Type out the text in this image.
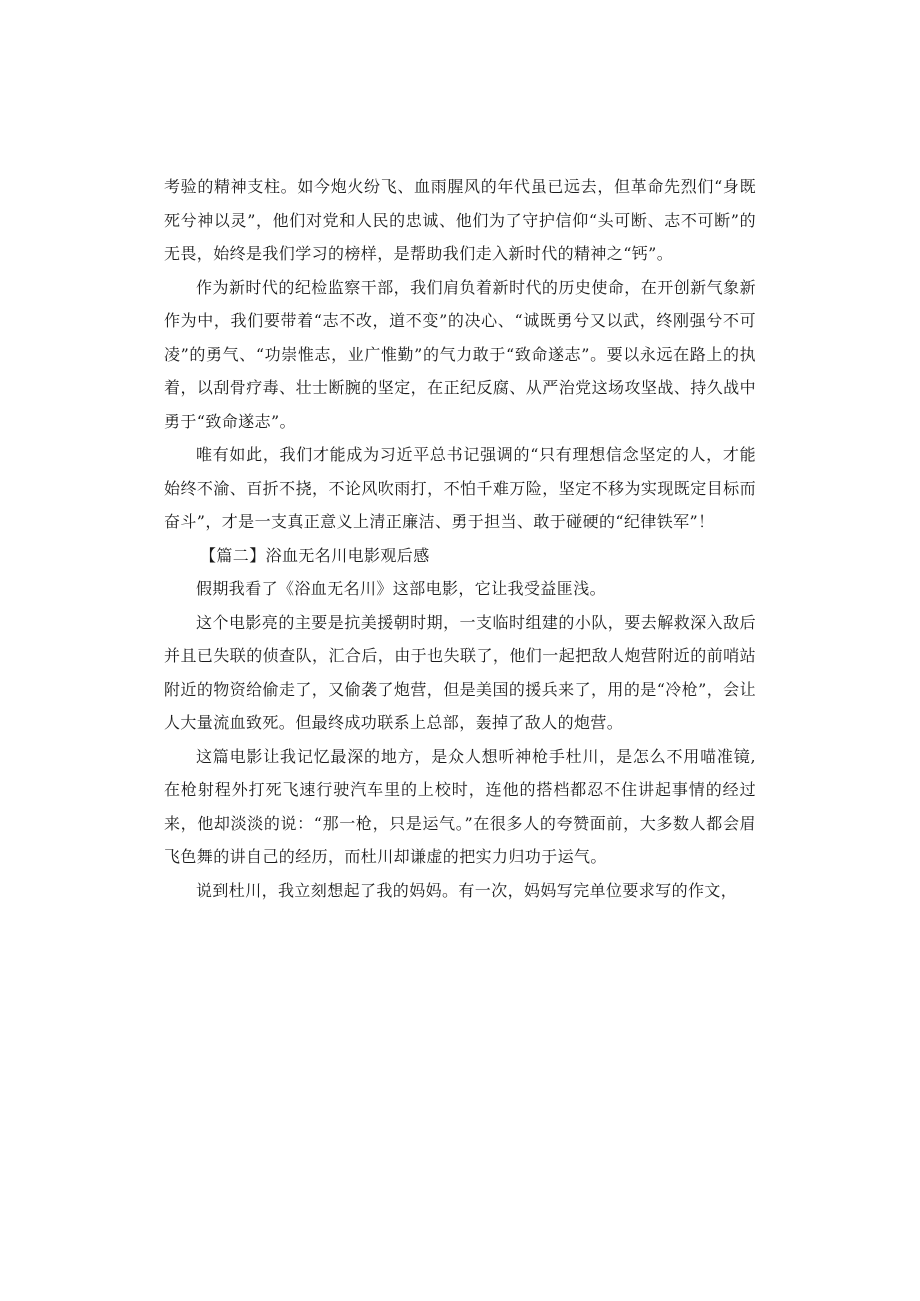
考验的精神支柱。如今炮火纷飞、血雨腥风的年代虽已远去，但革命先烈们“身既死兮神以灵”，他们对党和人民的忠诚、他们为了守护信仰“头可断、志不可断”的无畏，始终是我们学习的榜样，是帮助我们走入新时代的精神之“钙”。

作为新时代的纪检监察干部，我们肩负着新时代的历史使命，在开创新气象新作为中，我们要带着“志不改，道不变”的决心、“诚既勇兮又以武，终刚强兮不可凌”的勇气、“功崇惟志，业广惟勤”的气力敢于“致命遂志”。要以永远在路上的执着，以刮骨疗毒、壮士断腕的坚定，在正纪反腐、从严治党这场攻坚战、持久战中勇于“致命遂志”。

唯有如此，我们才能成为习近平总书记强调的“只有理想信念坚定的人，才能始终不渝、百折不挠，不论风吹雨打，不怕千难万险，坚定不移为实现既定目标而奋斗”，才是一支真正意义上清正廉洁、勇于担当、敢于碰硬的“纪律铁军”！

【篇二】浴血无名川电影观后感

假期我看了《浴血无名川》这部电影，它让我受益匪浅。

这个电影亮的主要是抗美援朝时期，一支临时组建的小队，要去解救深入敌后并且已失联的侦查队，汇合后，由于也失联了，他们一起把敌人炮营附近的前哨站附近的物资给偷走了，又偷袭了炮营，但是美国的援兵来了，用的是“冷枪”，会让人大量流血致死。但最终成功联系上总部，轰掉了敌人的炮营。

这篇电影让我记忆最深的地方，是众人想听神枪手杜川，是怎么不用喵准镜,在枪射程外打死飞速行驶汽车里的上校时，连他的搭档都忍不住讲起事情的经过来，他却淡淡的说：“那一枪，只是运气。”在很多人的夸赞面前，大多数人都会眉飞色舞的讲自己的经历，而杜川却谦虚的把实力归功于运气。

说到杜川，我立刻想起了我的妈妈。有一次，妈妈写完单位要求写的作文，
